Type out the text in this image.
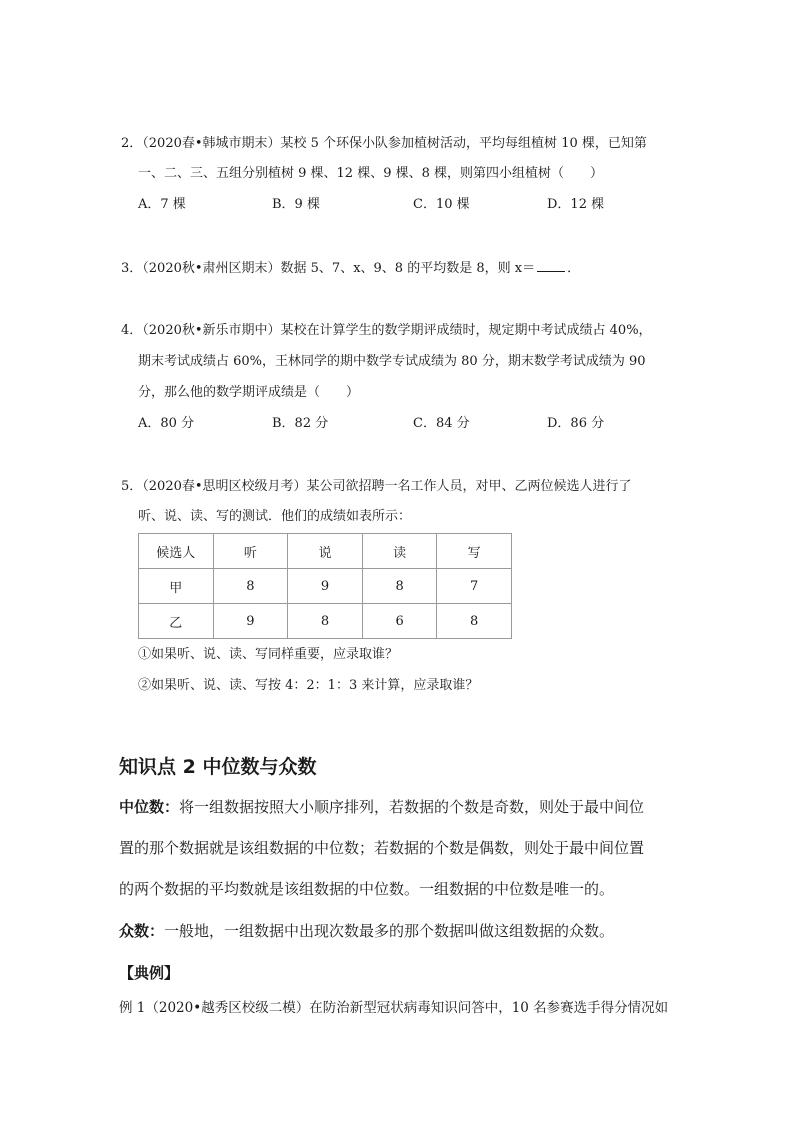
2．（2020春•韩城市期末）某校 5 个环保小队参加植树活动，平均每组植树 10 棵，已知第
一、二、三、五组分别植树 9 棵、12 棵、9 棵、8 棵，则第四小组植树（　　）
A．7 棵	B．9 棵	C．10 棵	D．12 棵
3．（2020秋•肃州区期末）数据 5、7、x、9、8 的平均数是 8，则 x＝ ．
4．（2020秋•新乐市期中）某校在计算学生的数学期评成绩时，规定期中考试成绩占 40%，
期末考试成绩占 60%，王林同学的期中数学专试成绩为 80 分，期末数学考试成绩为 90
分，那么他的数学期评成绩是（　　）
A．80 分	B．82 分	C．84 分	D．86 分
5．（2020春•思明区校级月考）某公司欲招聘一名工作人员，对甲、乙两位候选人进行了
听、说、读、写的测试．他们的成绩如表所示：
候选人	听	说	读	写
甲	8	9	8	7
乙	9	8	6	8
①如果听、说、读、写同样重要，应录取谁？
②如果听、说、读、写按 4：2：1：3 来计算，应录取谁？
知识点 2 中位数与众数
中位数：将一组数据按照大小顺序排列，若数据的个数是奇数，则处于最中间位
置的那个数据就是该组数据的中位数；若数据的个数是偶数，则处于最中间位置
的两个数据的平均数就是该组数据的中位数。一组数据的中位数是唯一的。
众数：一般地，一组数据中出现次数最多的那个数据叫做这组数据的众数。
【典例】
例 1（2020•越秀区校级二模）在防治新型冠状病毒知识问答中，10 名参赛选手得分情况如
